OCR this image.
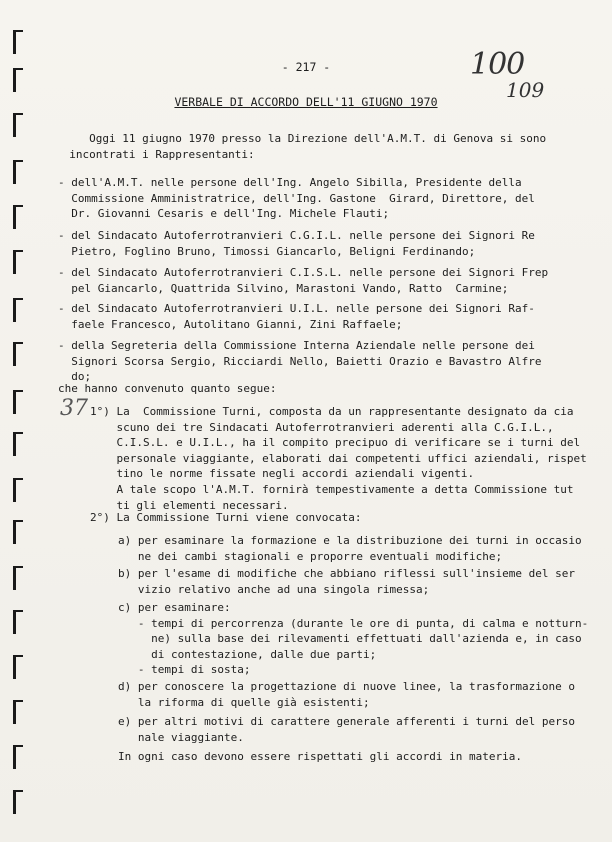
- 217 -	100
109
VERBALE DI ACCORDO DELL'11 GIUGNO 1970
Oggi 11 giugno 1970 presso la Direzione dell'A.M.T. di Genova si sono
incontrati i Rappresentanti:
- dell'A.M.T. nelle persone dell'Ing. Angelo Sibilla, Presidente della
Commissione Amministratrice, dell'Ing. Gastone  Girard, Direttore, del
Dr. Giovanni Cesaris e dell'Ing. Michele Flauti;
- del Sindacato Autoferrotranvieri C.G.I.L. nelle persone dei Signori Re
Pietro, Foglino Bruno, Timossi Giancarlo, Beligni Ferdinando;
- del Sindacato Autoferrotranvieri C.I.S.L. nelle persone dei Signori Frep
pel Giancarlo, Quattrida Silvino, Marastoni Vando, Ratto  Carmine;
- del Sindacato Autoferrotranvieri U.I.L. nelle persone dei Signori Raf-
faele Francesco, Autolitano Gianni, Zini Raffaele;
- della Segreteria della Commissione Interna Aziendale nelle persone dei
Signori Scorsa Sergio, Ricciardi Nello, Baietti Orazio e Bavastro Alfre
do;
che hanno convenuto quanto segue:
37 1°) La  Commissione Turni, composta da un rappresentante designato da cia
scuno dei tre Sindacati Autoferrotranvieri aderenti alla C.G.I.L.,
C.I.S.L. e U.I.L., ha il compito precipuo di verificare se i turni del
personale viaggiante, elaborati dai competenti uffici aziendali, rispet
tino le norme fissate negli accordi aziendali vigenti.
A tale scopo l'A.M.T. fornirà tempestivamente a detta Commissione tut
ti gli elementi necessari.
2°) La Commissione Turni viene convocata:
a) per esaminare la formazione e la distribuzione dei turni in occasio
ne dei cambi stagionali e proporre eventuali modifiche;
b) per l'esame di modifiche che abbiano riflessi sull'insieme del ser
vizio relativo anche ad una singola rimessa;
c) per esaminare:
- tempi di percorrenza (durante le ore di punta, di calma e notturn-
ne) sulla base dei rilevamenti effettuati dall'azienda e, in caso
di contestazione, dalle due parti;
- tempi di sosta;
d) per conoscere la progettazione di nuove linee, la trasformazione o
la riforma di quelle già esistenti;
e) per altri motivi di carattere generale afferenti i turni del perso
nale viaggiante.
In ogni caso devono essere rispettati gli accordi in materia.
